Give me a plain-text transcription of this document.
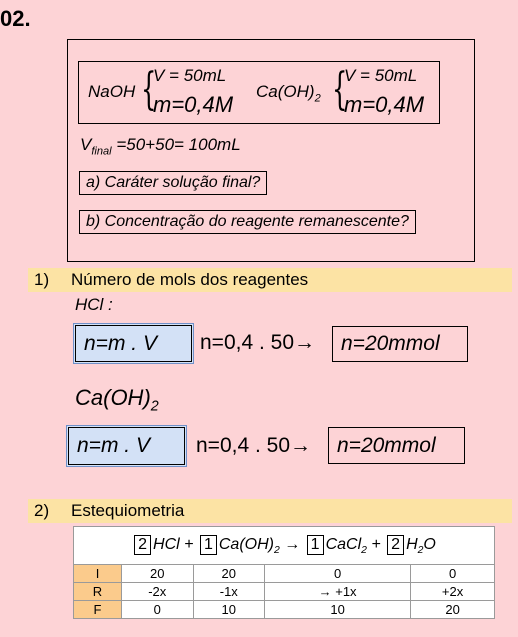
02.
NaOH {
V = 50mL
m=0,4M
$Ca(OH)_2$ {
V = 50mL
m=0,4M
$V_{final} =50+50= 100mL$
a) Caráter solução final?
b) Concentração do reagente remanescente?
1) Número de mols dos reagentes
HCl :
n=m . V	n=0,4 . 50→ n=20mmol
$Ca(OH)_2$
n=m . V	n=0,4 . 50→ n=20mmol
2) Estequiometria
2 HCl + 1 $Ca(OH)_2 \to 1$ CaCl$_2$ + 2 $H_2O$				
I	20	20	0	0
R	-2x	-1x	→ +1x	+2x
F	0	10	10	20
